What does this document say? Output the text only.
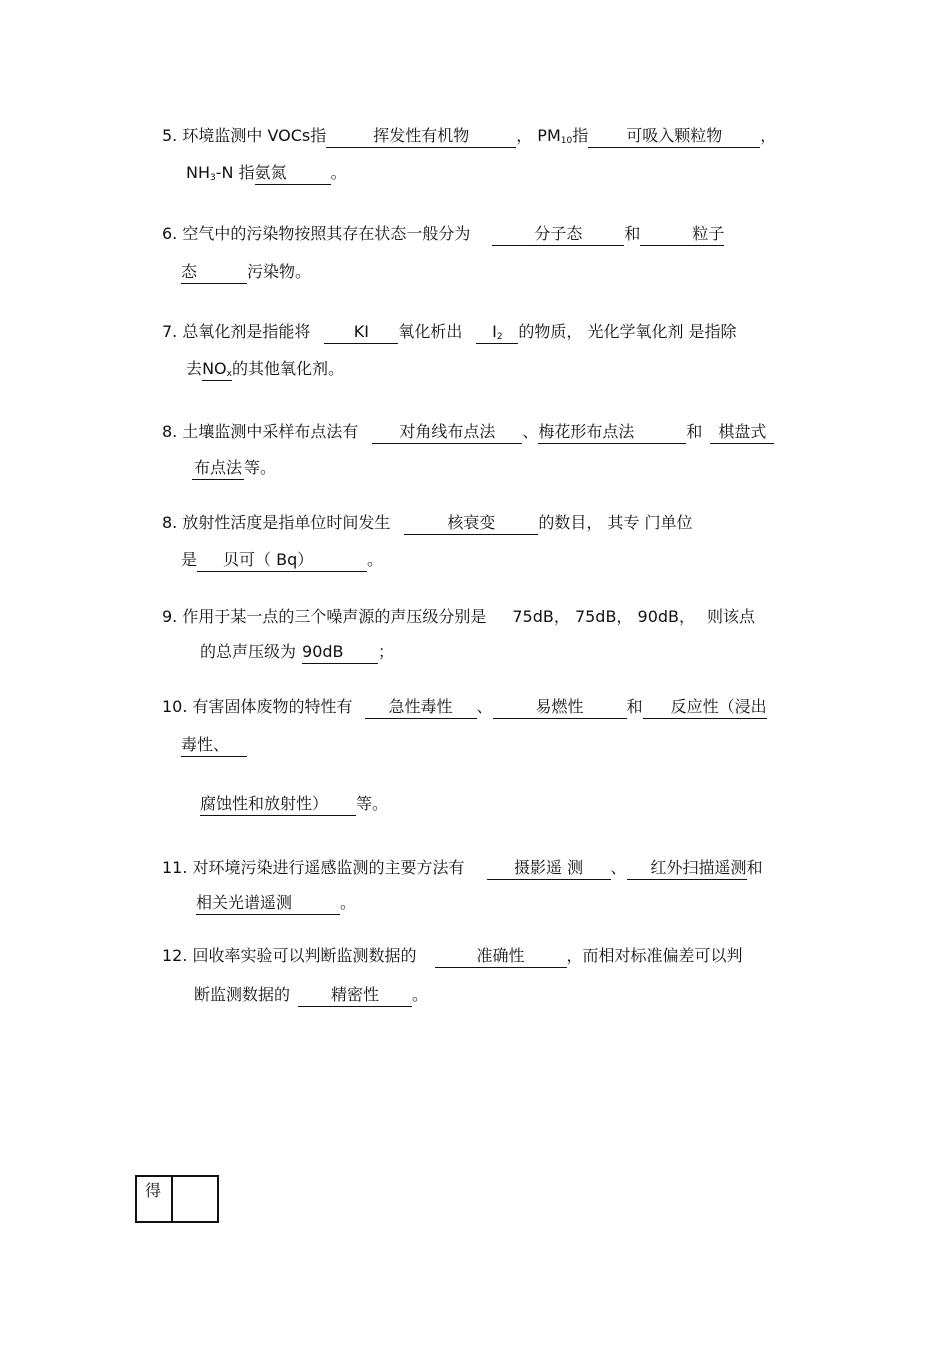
5. 环境监测中 VOCs指	挥发性有机物	， $PM_{10}$指 可吸入颗粒物 ，
$NH_3-N$ 指氨氮	。
6. 空气中的污染物按照其存在状态一般分为	分子态	和	粒子
态	污染物。
7. 总氧化剂是指能将	KI 氧化析出 $I_2$ 的物质， 光化学氧化剂 是指除
去$NO_x$的其他氧化剂。
8. 土壤监测中采样布点法有	对角线布点法 、梅花形布点法	和 棋盘式
布点法 等。
8. 放射性活度是指单位时间发生	核衰变	的数目， 其专 门单位
是 贝可（ Bq）	。
9. 作用于某一点的三个噪声源的声压级分别是 75dB， 75dB， 90dB， 则该点
的总声压级为 90dB ；
10. 有害固体废物的特性有 急性毒性 、	易燃性	和 反应性（浸出
毒性、
腐蚀性和放射性） 等。
11. 对环境污染进行遥感监测的主要方法有	摄影遥 测 、 红外扫描遥测和
相关光谱遥测	。
12. 回收率实验可以判断监测数据的	准确性	，而相对标准偏差可以判
断监测数据的	精密性 。
得
